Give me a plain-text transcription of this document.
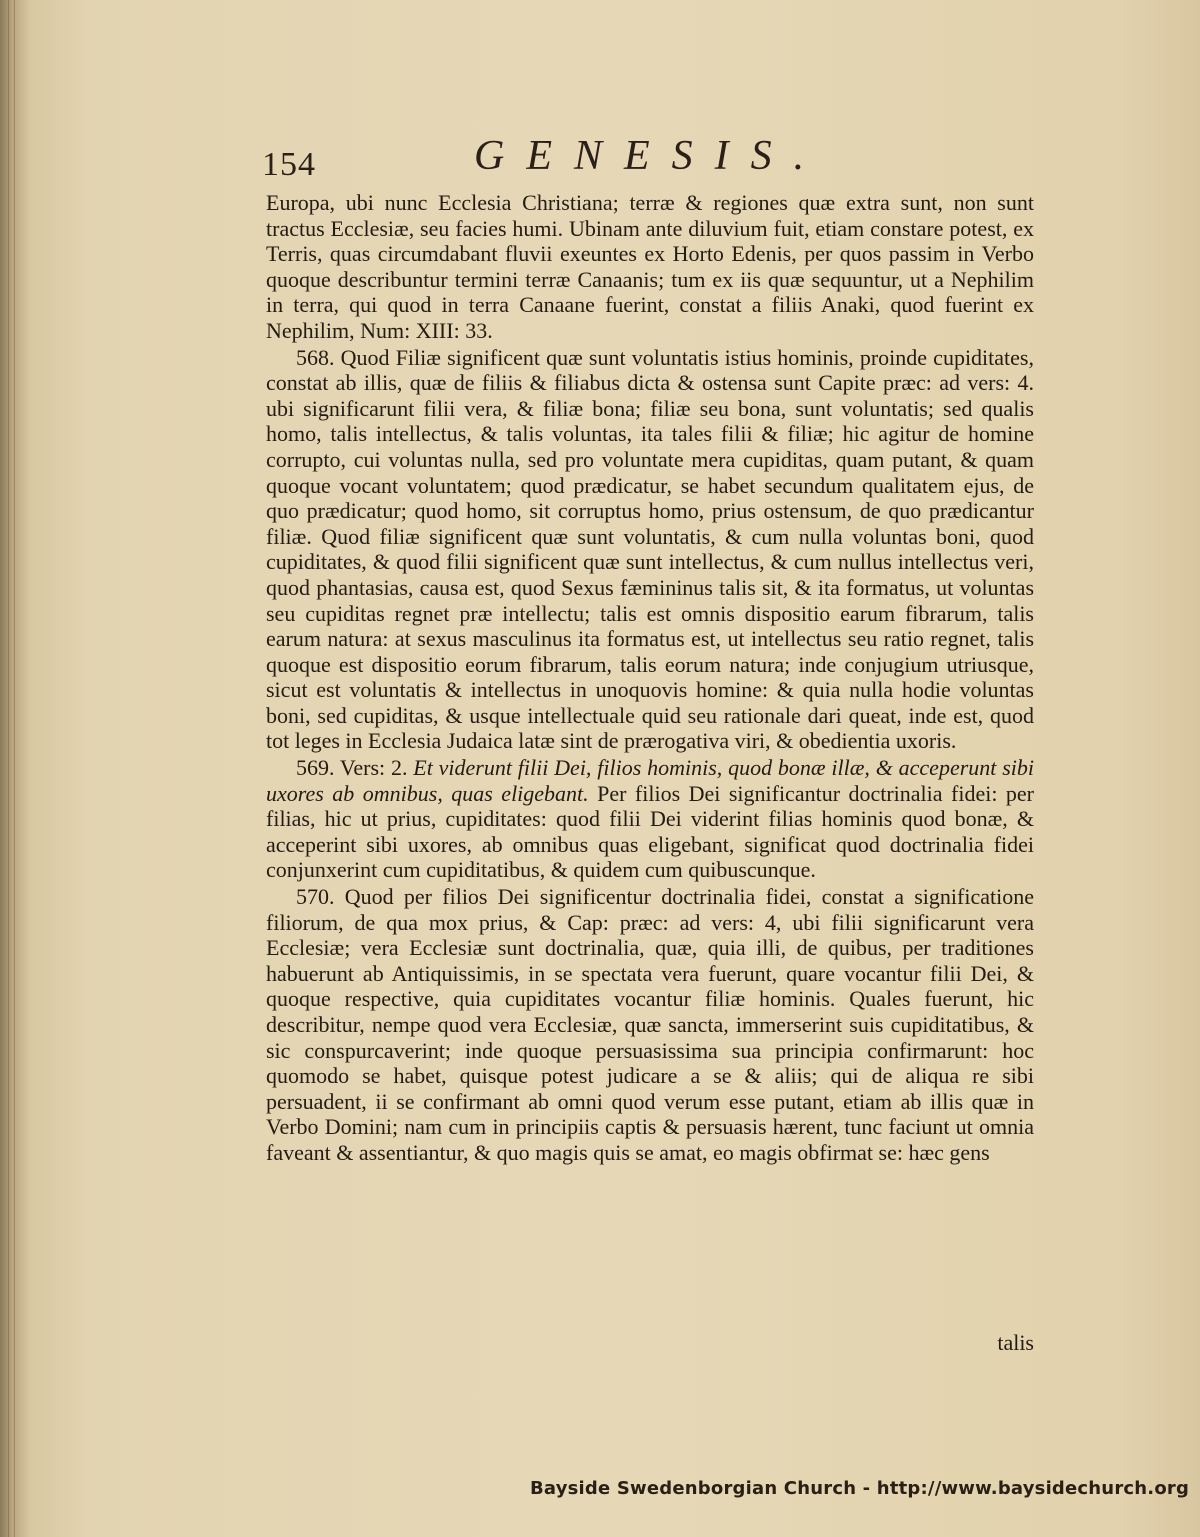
154	GENESIS.

Europa, ubi nunc Ecclesia Christiana; terræ & regiones quæ extra sunt, non sunt tractus Ecclesiæ, seu facies humi. Ubinam ante diluvium fuit, etiam constare potest, ex Terris, quas circumdabant fluvii exeuntes ex Horto Edenis, per quos passim in Verbo quoque describuntur termini terræ Canaanis; tum ex iis quæ sequuntur, ut a Nephilim in terra, qui quod in terra Canaane fuerint, constat a filiis Anaki, quod fuerint ex Nephilim, Num: XIII: 33.

568. Quod Filiæ significent quæ sunt voluntatis istius hominis, proinde cupiditates, constat ab illis, quæ de filiis & filiabus dicta & ostensa sunt Capite præc: ad vers: 4. ubi significarunt filii vera, & filiæ bona; filiæ seu bona, sunt voluntatis; sed qualis homo, talis intellectus, & talis voluntas, ita tales filii & filiæ; hic agitur de homine corrupto, cui voluntas nulla, sed pro voluntate mera cupiditas, quam putant, & quam quoque vocant voluntatem; quod prædicatur, se habet secundum qualitatem ejus, de quo prædicatur; quod homo, sit corruptus homo, prius ostensum, de quo prædicantur filiæ. Quod filiæ significent quæ sunt voluntatis, & cum nulla voluntas boni, quod cupiditates, & quod filii significent quæ sunt intellectus, & cum nullus intellectus veri, quod phantasias, causa est, quod Sexus fæmininus talis sit, & ita formatus, ut voluntas seu cupiditas regnet præ intellectu; talis est omnis dispositio earum fibrarum, talis earum natura: at sexus masculinus ita formatus est, ut intellectus seu ratio regnet, talis quoque est dispositio eorum fibrarum, talis eorum natura; inde conjugium utriusque, sicut est voluntatis & intellectus in unoquovis homine: & quia nulla hodie voluntas boni, sed cupiditas, & usque intellectuale quid seu rationale dari queat, inde est, quod tot leges in Ecclesia Judaica latæ sint de prærogativa viri, & obedientia uxoris.

569. Vers: 2. Et viderunt filii Dei, filios hominis, quod bonæ illæ, & acceperunt sibi uxores ab omnibus, quas eligebant. Per filios Dei significantur doctrinalia fidei: per filias, hic ut prius, cupiditates: quod filii Dei viderint filias hominis quod bonæ, & acceperint sibi uxores, ab omnibus quas eligebant, significat quod doctrinalia fidei conjunxerint cum cupiditatibus, & quidem cum quibuscunque.

570. Quod per filios Dei significentur doctrinalia fidei, constat a significatione filiorum, de qua mox prius, & Cap: præc: ad vers: 4, ubi filii significarunt vera Ecclesiæ; vera Ecclesiæ sunt doctrinalia, quæ, quia illi, de quibus, per traditiones habuerunt ab Antiquissimis, in se spectata vera fuerunt, quare vocantur filii Dei, & quoque respective, quia cupiditates vocantur filiæ hominis. Quales fuerunt, hic describitur, nempe quod vera Ecclesiæ, quæ sancta, immerserint suis cupiditatibus, & sic conspurcaverint; inde quoque persuasissima sua principia confirmarunt: hoc quomodo se habet, quisque potest judicare a se & aliis; qui de aliqua re sibi persuadent, ii se confirmant ab omni quod verum esse putant, etiam ab illis quæ in Verbo Domini; nam cum in principiis captis & persuasis hærent, tunc faciunt ut omnia faveant & assentiantur, & quo magis quis se amat, eo magis obfirmat se: hæc gens

talis
Bayside Swedenborgian Church - http://www.baysidechurch.org
